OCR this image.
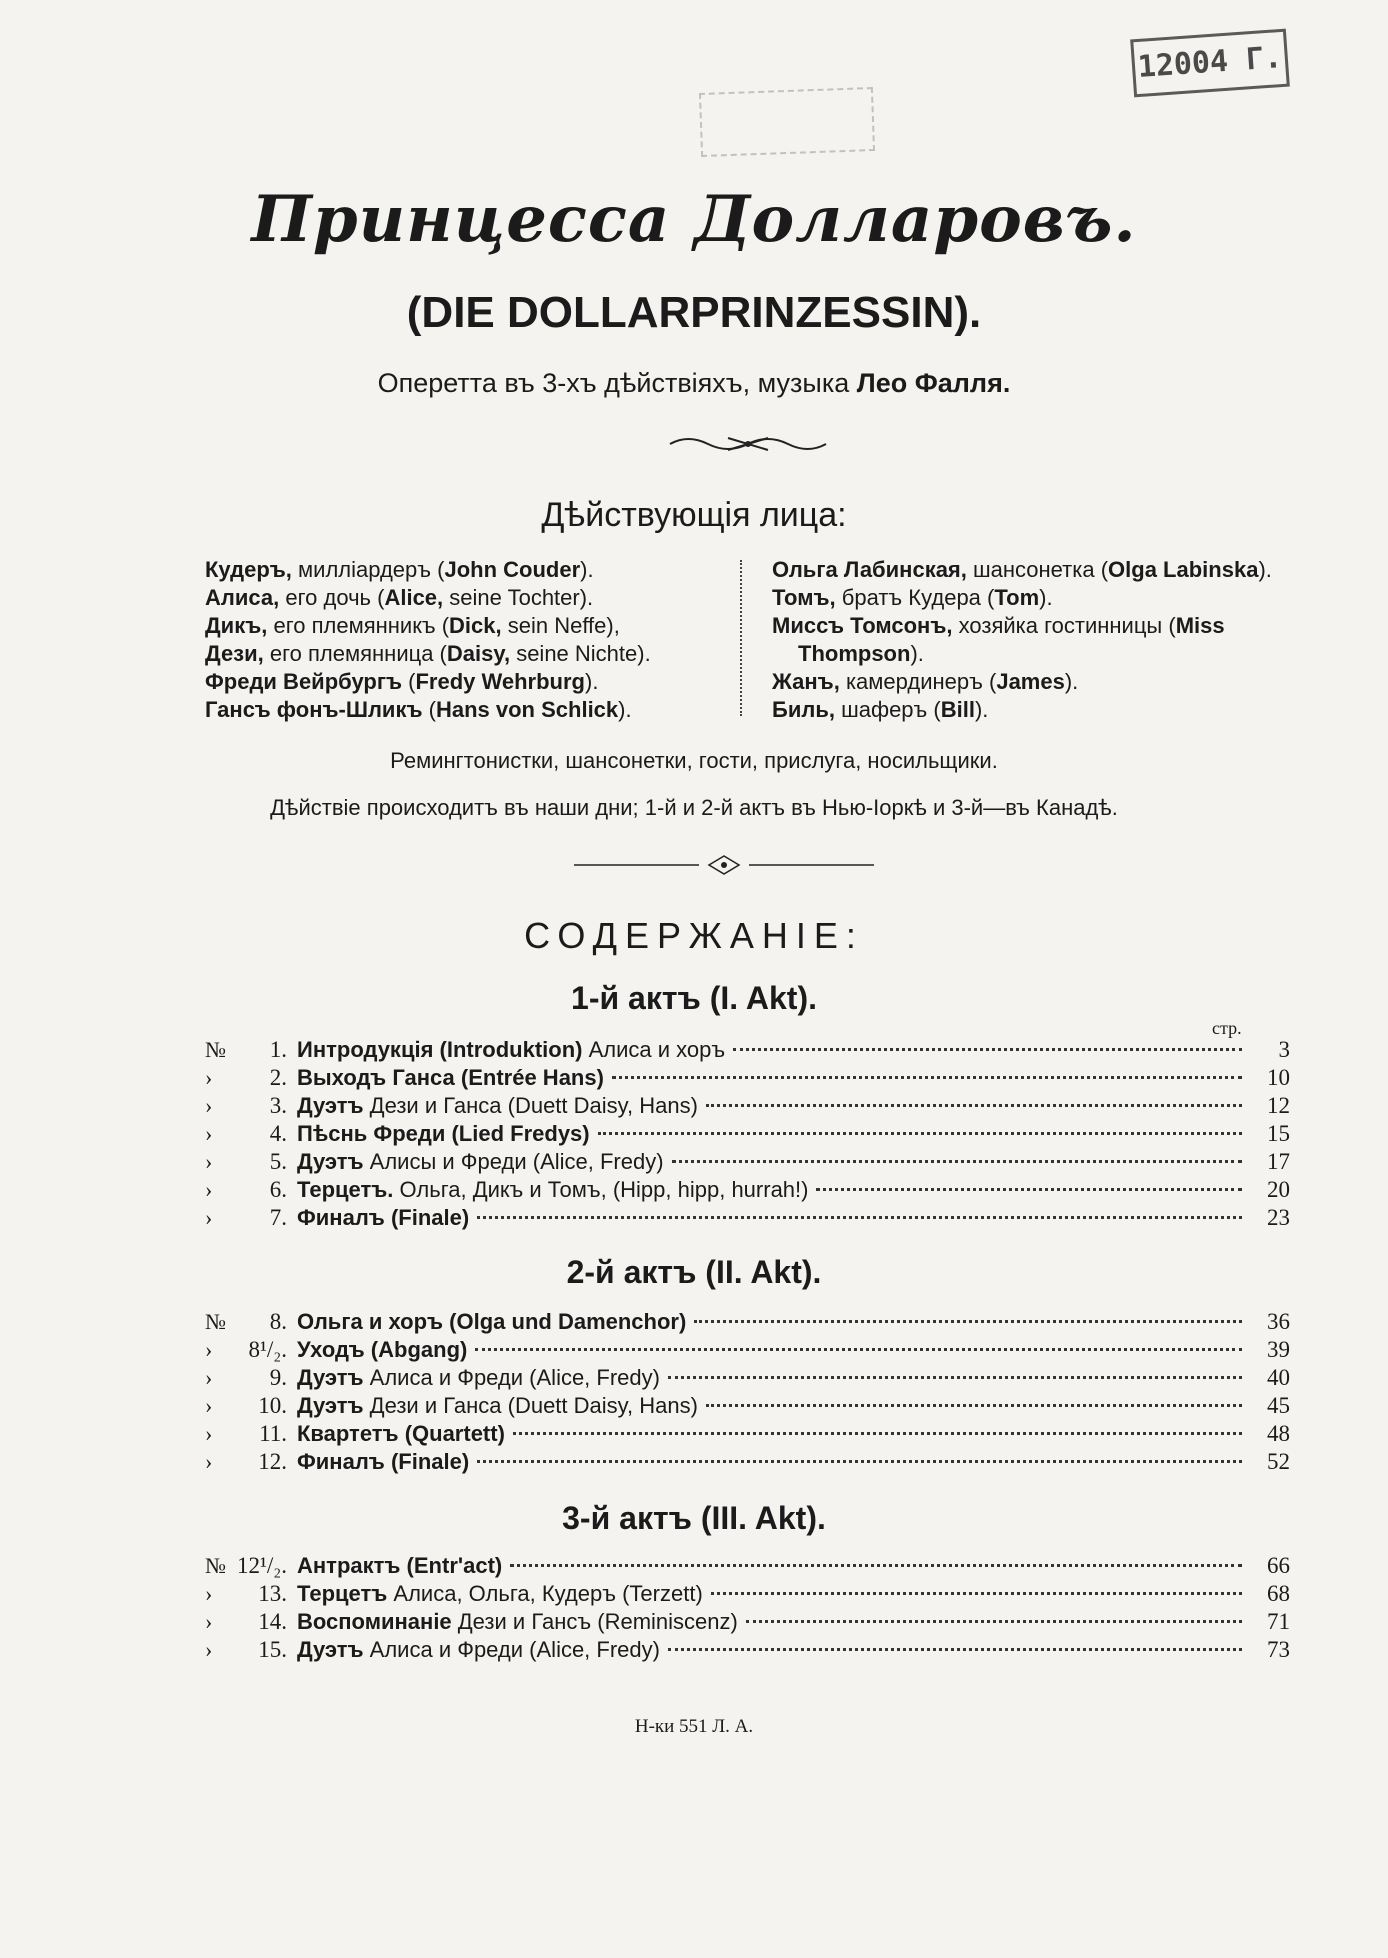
12004 Г.
Принцесса Долларовъ.
(DIE DOLLARPRINZESSIN).
Оперетта въ 3-хъ дѣйствіяхъ, музыка Лео Фалля.
Дѣйствующія лица:
Кудеръ, милліардеръ (John Couder).
Алиса, его дочь (Alice, seine Tochter).
Дикъ, его племянникъ (Dick, sein Neffe),
Дези, его племянница (Daisy, seine Nichte).
Фреди Вейрбургъ (Fredy Wehrburg).
Гансъ фонъ-Шликъ (Hans von Schlick).
Ольга Лабинская, шансонетка (Olga Labinska).
Томъ, братъ Кудера (Tom).
Миссъ Томсонъ, хозяйка гостинницы (Miss
Thompson).
Жанъ, камердинеръ (James).
Биль, шаферъ (Bill).
Ремингтонистки, шансонетки, гости, прислуга, носильщики.
Дѣйствіе происходитъ въ наши дни; 1-й и 2-й актъ въ Нью-Іоркѣ и 3-й—въ Канадѣ.
СОДЕРЖАНІЕ:
стр.
1-й актъ (I. Akt).
№	1. Интродукція (Introduktion) Алиса и хоръ	3
›	2. Выходъ Ганса (Entrée Hans)	10
›	3. Дуэтъ Дези и Ганса (Duett Daisy, Hans)	12
›	4. Пѣснь Фреди (Lied Fredys)	15
›	5. Дуэтъ Алисы и Фреди (Alice, Fredy)	17
›	6. Терцетъ. Ольга, Дикъ и Томъ, (Hipp, hipp, hurrah!)	20
›	7. Финалъ (Finale)	23
2-й актъ (II. Akt).
№	8. Ольга и хоръ (Olga und Damenchor)	36
›	8¹/₂. Уходъ (Abgang)	39
›	9. Дуэтъ Алиса и Фреди (Alice, Fredy)	40
›	10. Дуэтъ Дези и Ганса (Duett Daisy, Hans)	45
›	11. Квартетъ (Quartett)	48
›	12. Финалъ (Finale)	52
3-й актъ (III. Akt).
№ 12¹/₂. Антрактъ (Entr'act)	66
›	13. Терцетъ Алиса, Ольга, Кудеръ (Terzett)	68
›	14. Воспоминаніе Дези и Гансъ (Reminiscenz)	71
›	15. Дуэтъ Алиса и Фреди (Alice, Fredy)	73
Н-ки 551 Л. А.
